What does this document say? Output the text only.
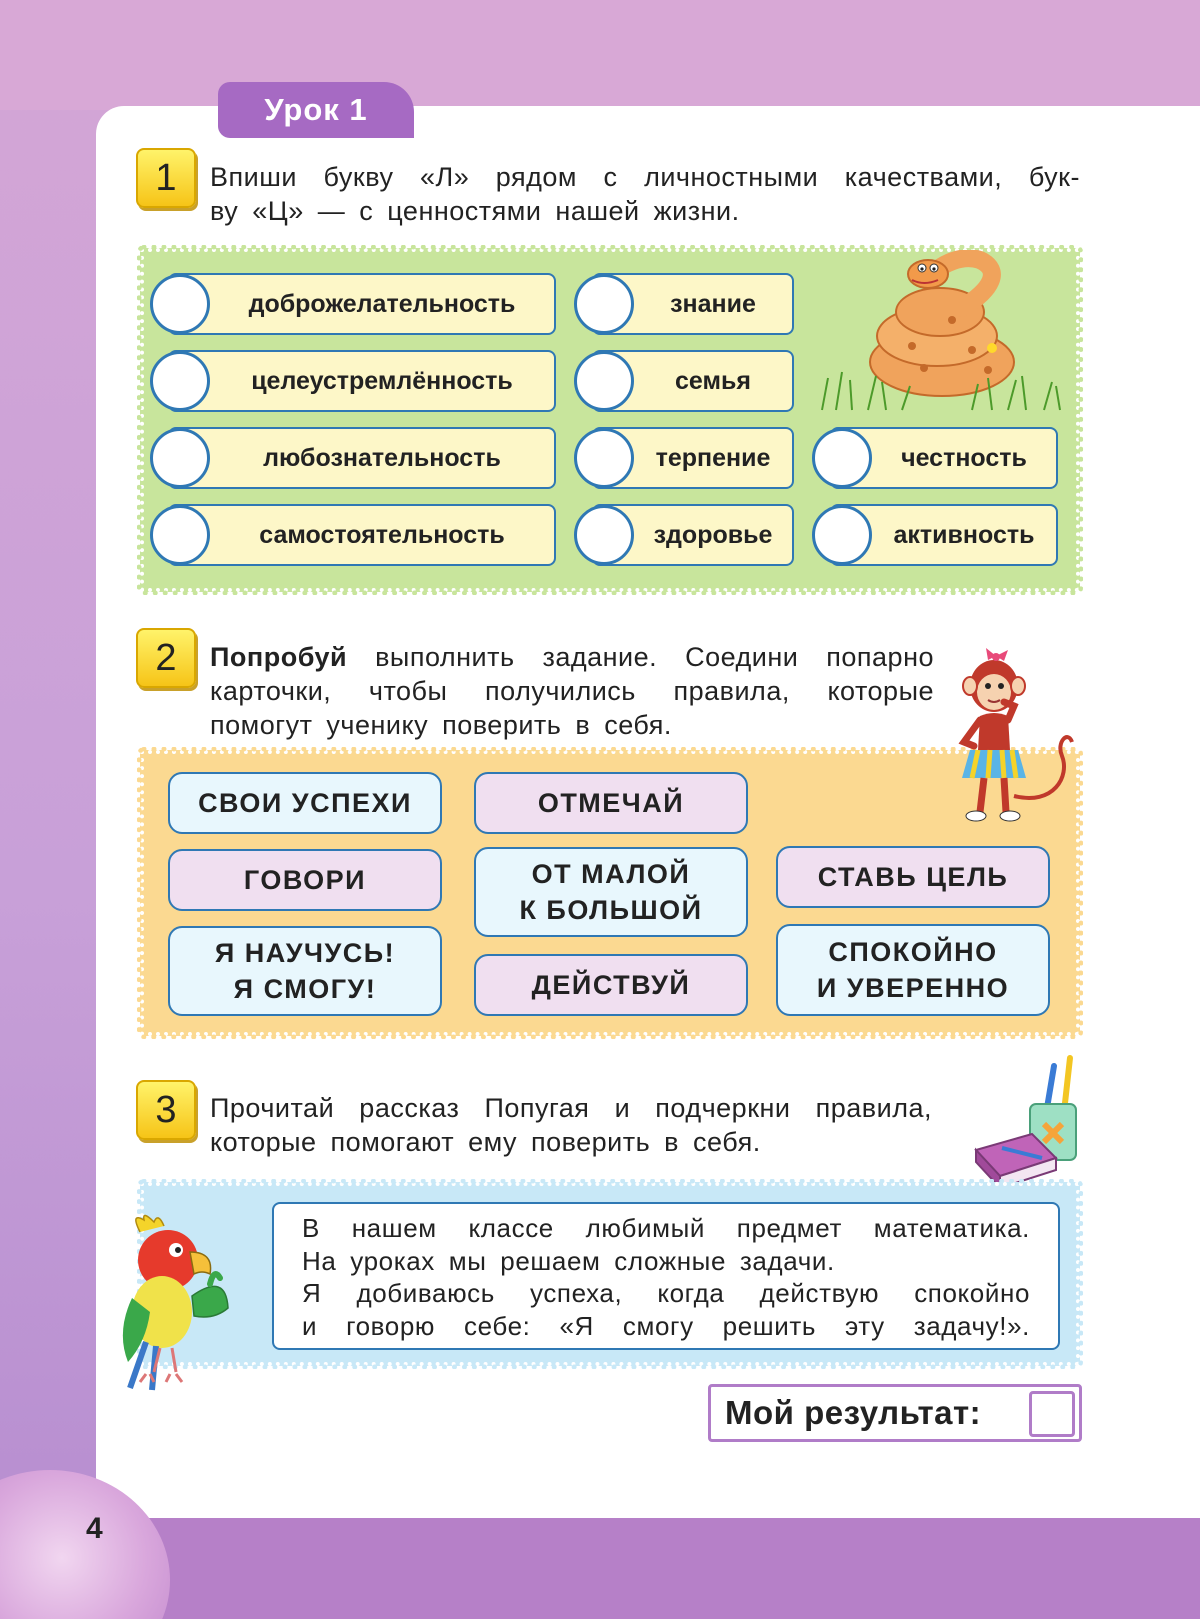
4
Урок 1
1	Впиши букву «Л» рядом с личностными качествами, бук-
ву «Ц» — с ценностями нашей жизни.
доброжелательность
целеустремлённость
любознательность
самостоятельность
знание
семья
терпение
здоровье
честность
активность
2	Попробуй выполнить задание. Соедини попарно
карточки, чтобы получились правила, которые
помогут ученику поверить в себя.
СВОИ УСПЕХИ
ГОВОРИ
Я НАУЧУСЬ!
Я СМОГУ!
ОТМЕЧАЙ
ОТ МАЛОЙ
К БОЛЬШОЙ
ДЕЙСТВУЙ
СТАВЬ ЦЕЛЬ
СПОКОЙНО
И УВЕРЕННО
3	Прочитай рассказ Попугая и подчеркни правила,
которые помогают ему поверить в себя.
В нашем классе любимый предмет математика.
На уроках мы решаем сложные задачи.
Я добиваюсь успеха, когда действую спокойно
и говорю себе: «Я смогу решить эту задачу!».
Мой результат:
